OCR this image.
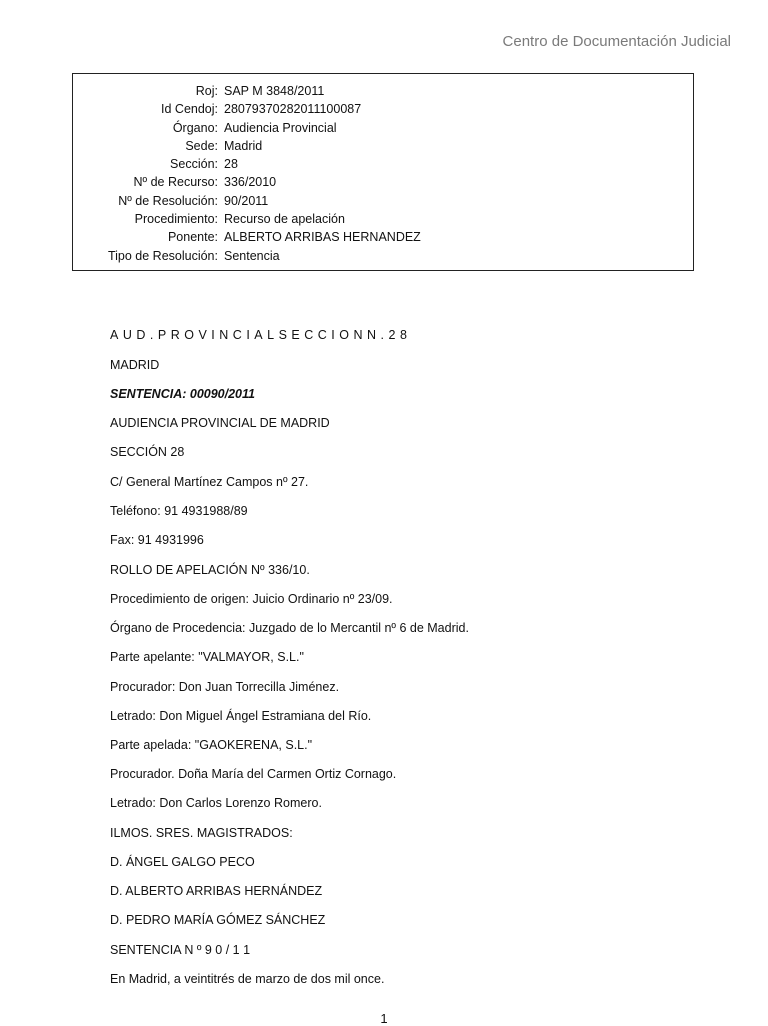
Centro de Documentación Judicial
Roj:	SAP M 3848/2011
Id Cendoj:	28079370282011100087
Órgano:	Audiencia Provincial
Sede:	Madrid
Sección:	28
Nº de Recurso:	336/2010
Nº de Resolución:	90/2011
Procedimiento:	Recurso de apelación
Ponente:	ALBERTO ARRIBAS HERNANDEZ
Tipo de Resolución:	Sentencia
AUD.PROVINCIALSECCIONN.28
MADRID
SENTENCIA: 00090/2011
AUDIENCIA PROVINCIAL DE MADRID
SECCIÓN 28
C/ General Martínez Campos nº 27.
Teléfono: 91 4931988/89
Fax: 91 4931996
ROLLO DE APELACIÓN Nº 336/10.
Procedimiento de origen: Juicio Ordinario nº 23/09.
Órgano de Procedencia: Juzgado de lo Mercantil nº 6 de Madrid.
Parte apelante: "VALMAYOR, S.L."
Procurador: Don Juan Torrecilla Jiménez.
Letrado: Don Miguel Ángel Estramiana del Río.
Parte apelada: "GAOKERENA, S.L."
Procurador. Doña María del Carmen Ortiz Cornago.
Letrado: Don Carlos Lorenzo Romero.
ILMOS. SRES. MAGISTRADOS:
D. ÁNGEL GALGO PECO
D. ALBERTO ARRIBAS HERNÁNDEZ
D. PEDRO MARÍA GÓMEZ SÁNCHEZ
SENTENCIA N º 9 0 / 1 1
En Madrid, a veintitrés de marzo de dos mil once.
1
